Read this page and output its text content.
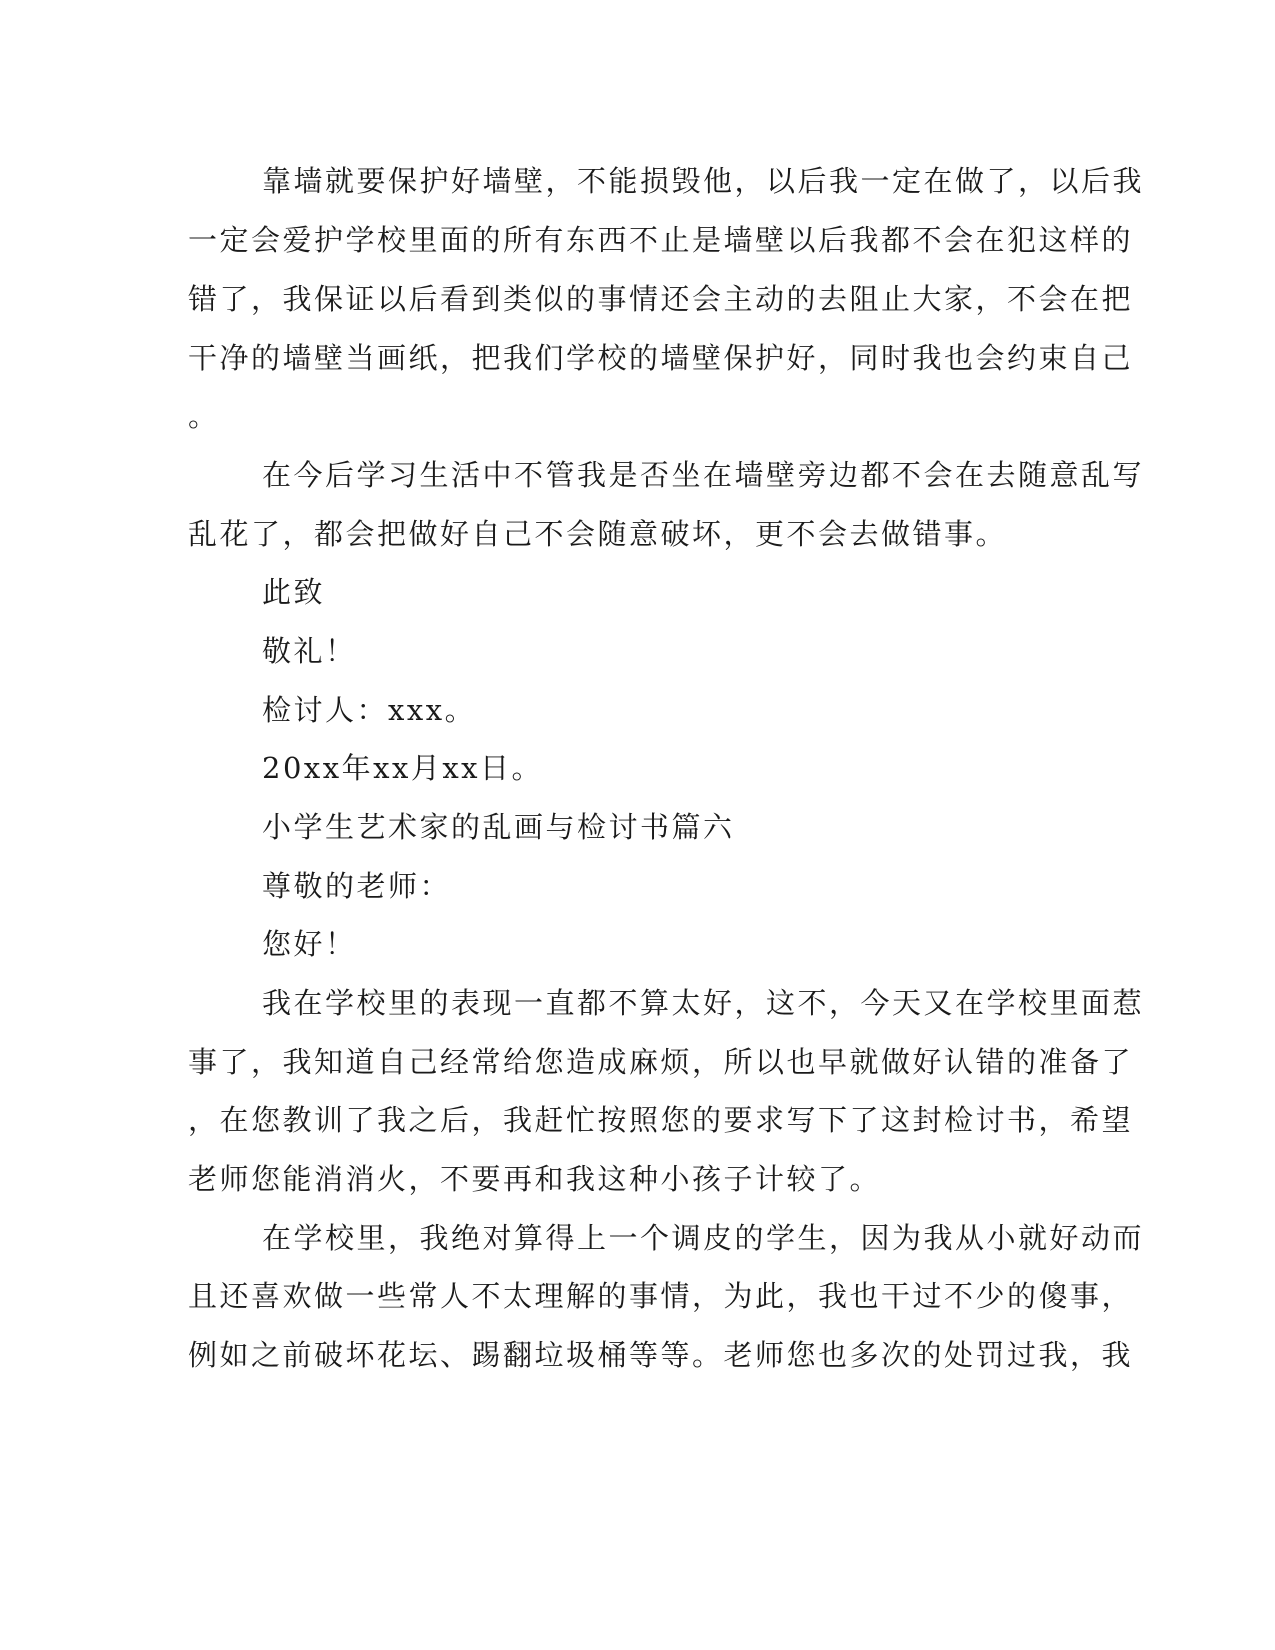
靠墙就要保护好墙壁，不能损毁他，以后我一定在做了，以后我
一定会爱护学校里面的所有东西不止是墙壁以后我都不会在犯这样的
错了，我保证以后看到类似的事情还会主动的去阻止大家，不会在把
干净的墙壁当画纸，把我们学校的墙壁保护好，同时我也会约束自己
。
在今后学习生活中不管我是否坐在墙壁旁边都不会在去随意乱写
乱花了，都会把做好自己不会随意破坏，更不会去做错事。
此致
敬礼！
检讨人：xxx。
20xx年xx月xx日。
小学生艺术家的乱画与检讨书篇六
尊敬的老师：
您好！
我在学校里的表现一直都不算太好，这不，今天又在学校里面惹
事了，我知道自己经常给您造成麻烦，所以也早就做好认错的准备了
，在您教训了我之后，我赶忙按照您的要求写下了这封检讨书，希望
老师您能消消火，不要再和我这种小孩子计较了。
在学校里，我绝对算得上一个调皮的学生，因为我从小就好动而
且还喜欢做一些常人不太理解的事情，为此，我也干过不少的傻事，
例如之前破坏花坛、踢翻垃圾桶等等。老师您也多次的处罚过我，我
